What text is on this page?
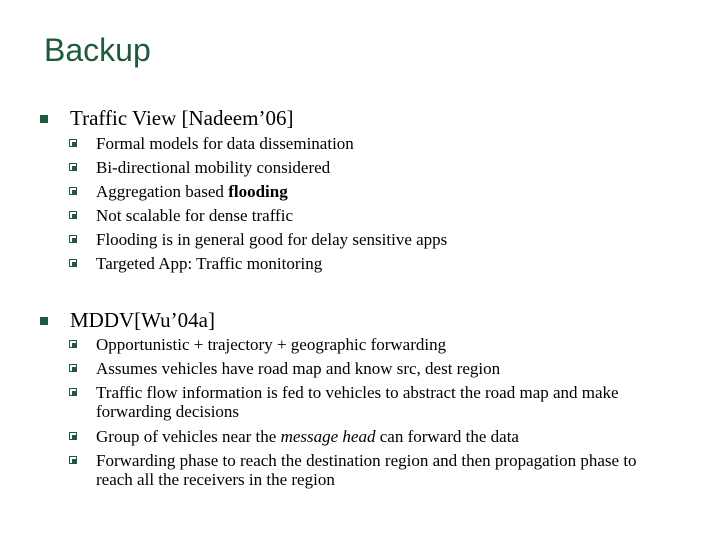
Backup
Traffic View [Nadeem’06]
Formal models for data dissemination
Bi-directional mobility considered
Aggregation based flooding
Not scalable for dense traffic
Flooding is in general good for delay sensitive apps
Targeted App: Traffic monitoring
MDDV[Wu’04a]
Opportunistic + trajectory + geographic forwarding
Assumes vehicles have road map and know src, dest region
Traffic flow information is fed to vehicles to abstract the road map and make forwarding decisions
Group of vehicles near the message head can forward the data
Forwarding phase to reach the destination region and then propagation phase to reach all the receivers in the region
